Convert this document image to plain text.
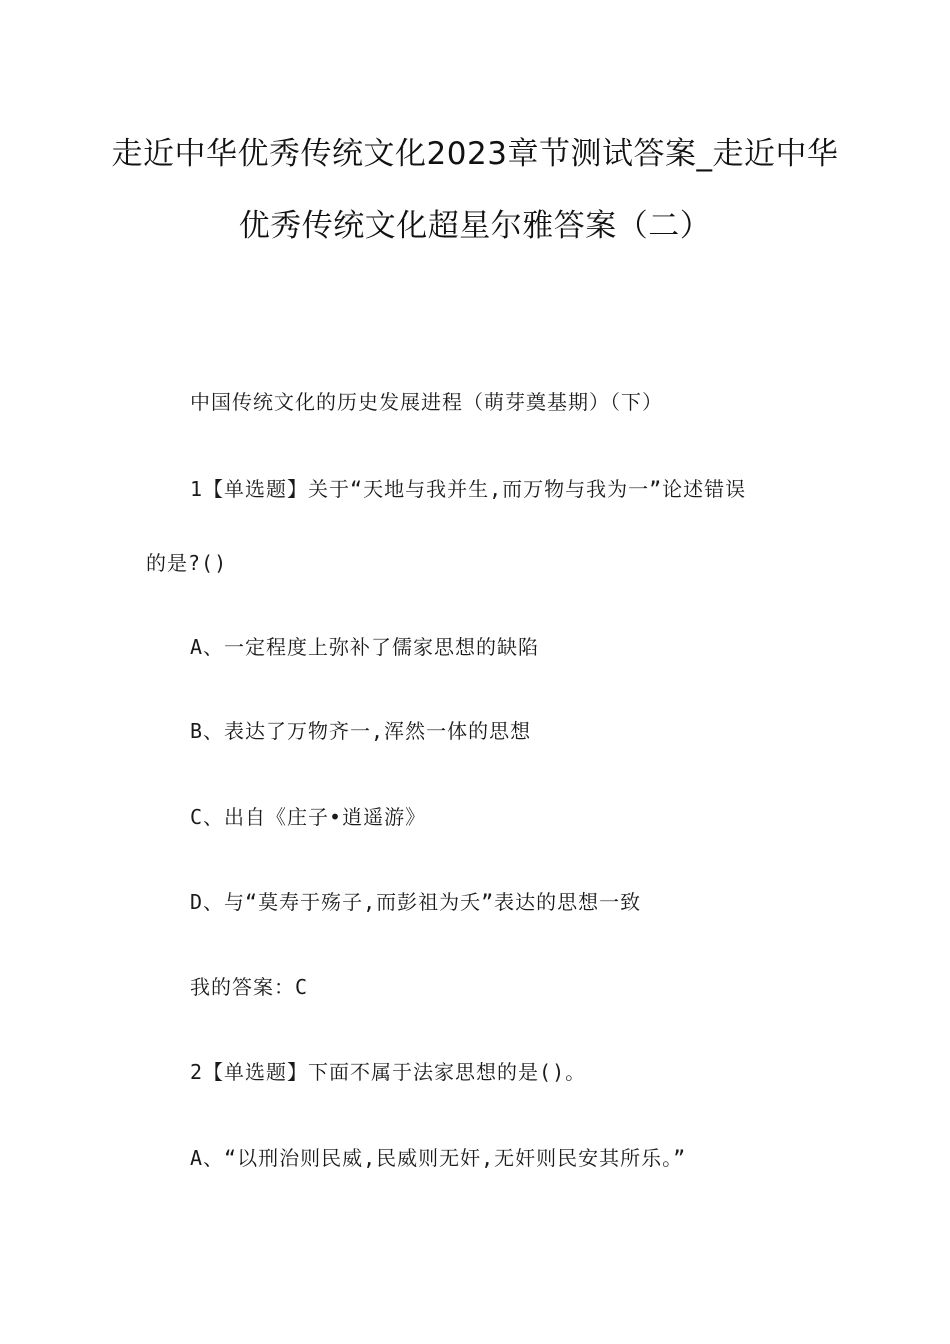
走近中华优秀传统文化2023章节测试答案_走近中华
优秀传统文化超星尔雅答案（二）
中国传统文化的历史发展进程（萌芽奠基期）（下）
1【单选题】关于“天地与我并生,而万物与我为一”论述错误
的是?()
A、一定程度上弥补了儒家思想的缺陷
B、表达了万物齐一,浑然一体的思想
C、出自《庄子•逍遥游》
D、与“莫寿于殇子,而彭祖为夭”表达的思想一致
我的答案：C
2【单选题】下面不属于法家思想的是()。
A、“以刑治则民威,民威则无奸,无奸则民安其所乐。”
